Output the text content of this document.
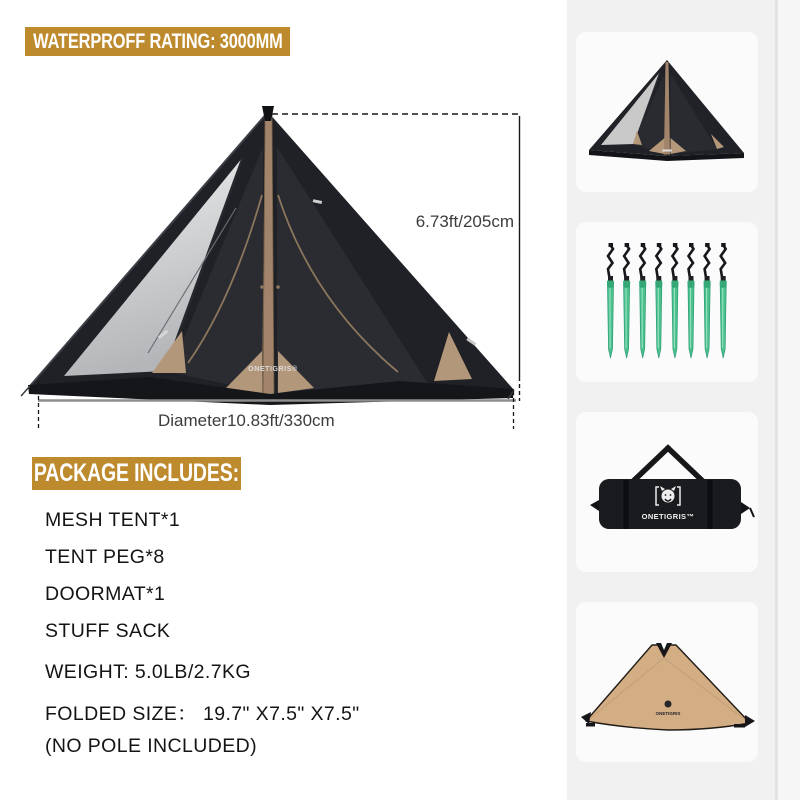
WATERPROFF RATING: 3000MM
ONETIGRIS®
6.73ft/205cm
Diameter10.83ft/330cm
PACKAGE INCLUDES:
MESH TENT*1
TENT PEG*8
DOORMAT*1
STUFF SACK
WEIGHT: 5.0LB/2.7KG
FOLDED SIZE： 19.7" X7.5" X7.5"
(NO POLE INCLUDED)
ONETIGRIS™
ONETIGRIS
